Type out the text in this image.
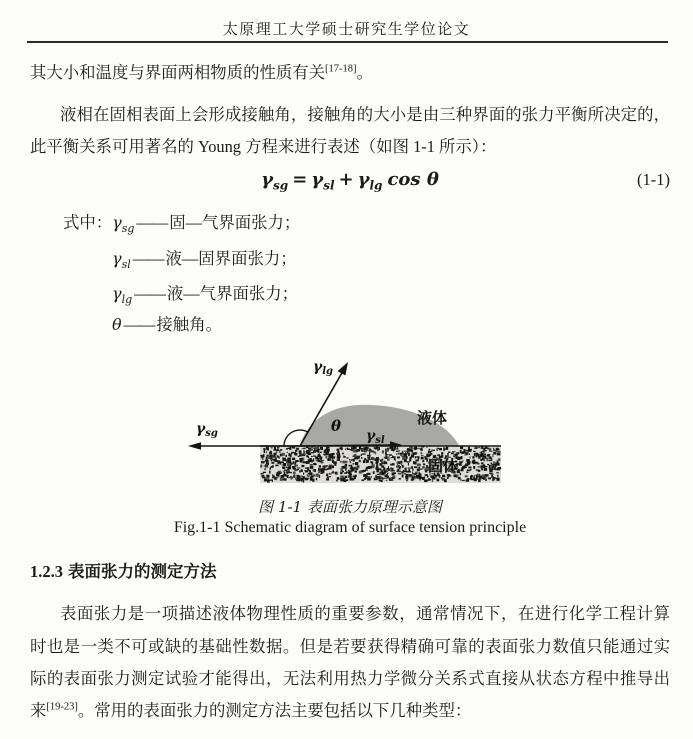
太原理工大学硕士研究生学位论文

其大小和温度与界面两相物质的性质有关[17-18]。

液相在固相表面上会形成接触角，接触角的大小是由三种界面的张力平衡所决定的，

此平衡关系可用著名的 Young 方程来进行表述（如图 1-1 所示）：

$\gamma_{sg} = \gamma_{sl} + \gamma_{lg}$ cos θ	(1-1)

式中：$\gamma_{sg}$ —— 固—气界面张力；

$\gamma_{sl}$ —— 液—固界面张力；

$\gamma_{lg}$ —— 液—气界面张力；

θ —— 接触角。

$\gamma_{lg}$
$\gamma_{sg}$	$\gamma_{sl}$
θ	液体
固体

图 1-1 表面张力原理示意图

Fig.1-1 Schematic diagram of surface tension principle

1.2.3 表面张力的测定方法

表面张力是一项描述液体物理性质的重要参数，通常情况下，在进行化学工程计算

时也是一类不可或缺的基础性数据。但是若要获得精确可靠的表面张力数值只能通过实

际的表面张力测定试验才能得出，无法利用热力学微分关系式直接从状态方程中推导出

来[19-23]。常用的表面张力的测定方法主要包括以下几种类型：
